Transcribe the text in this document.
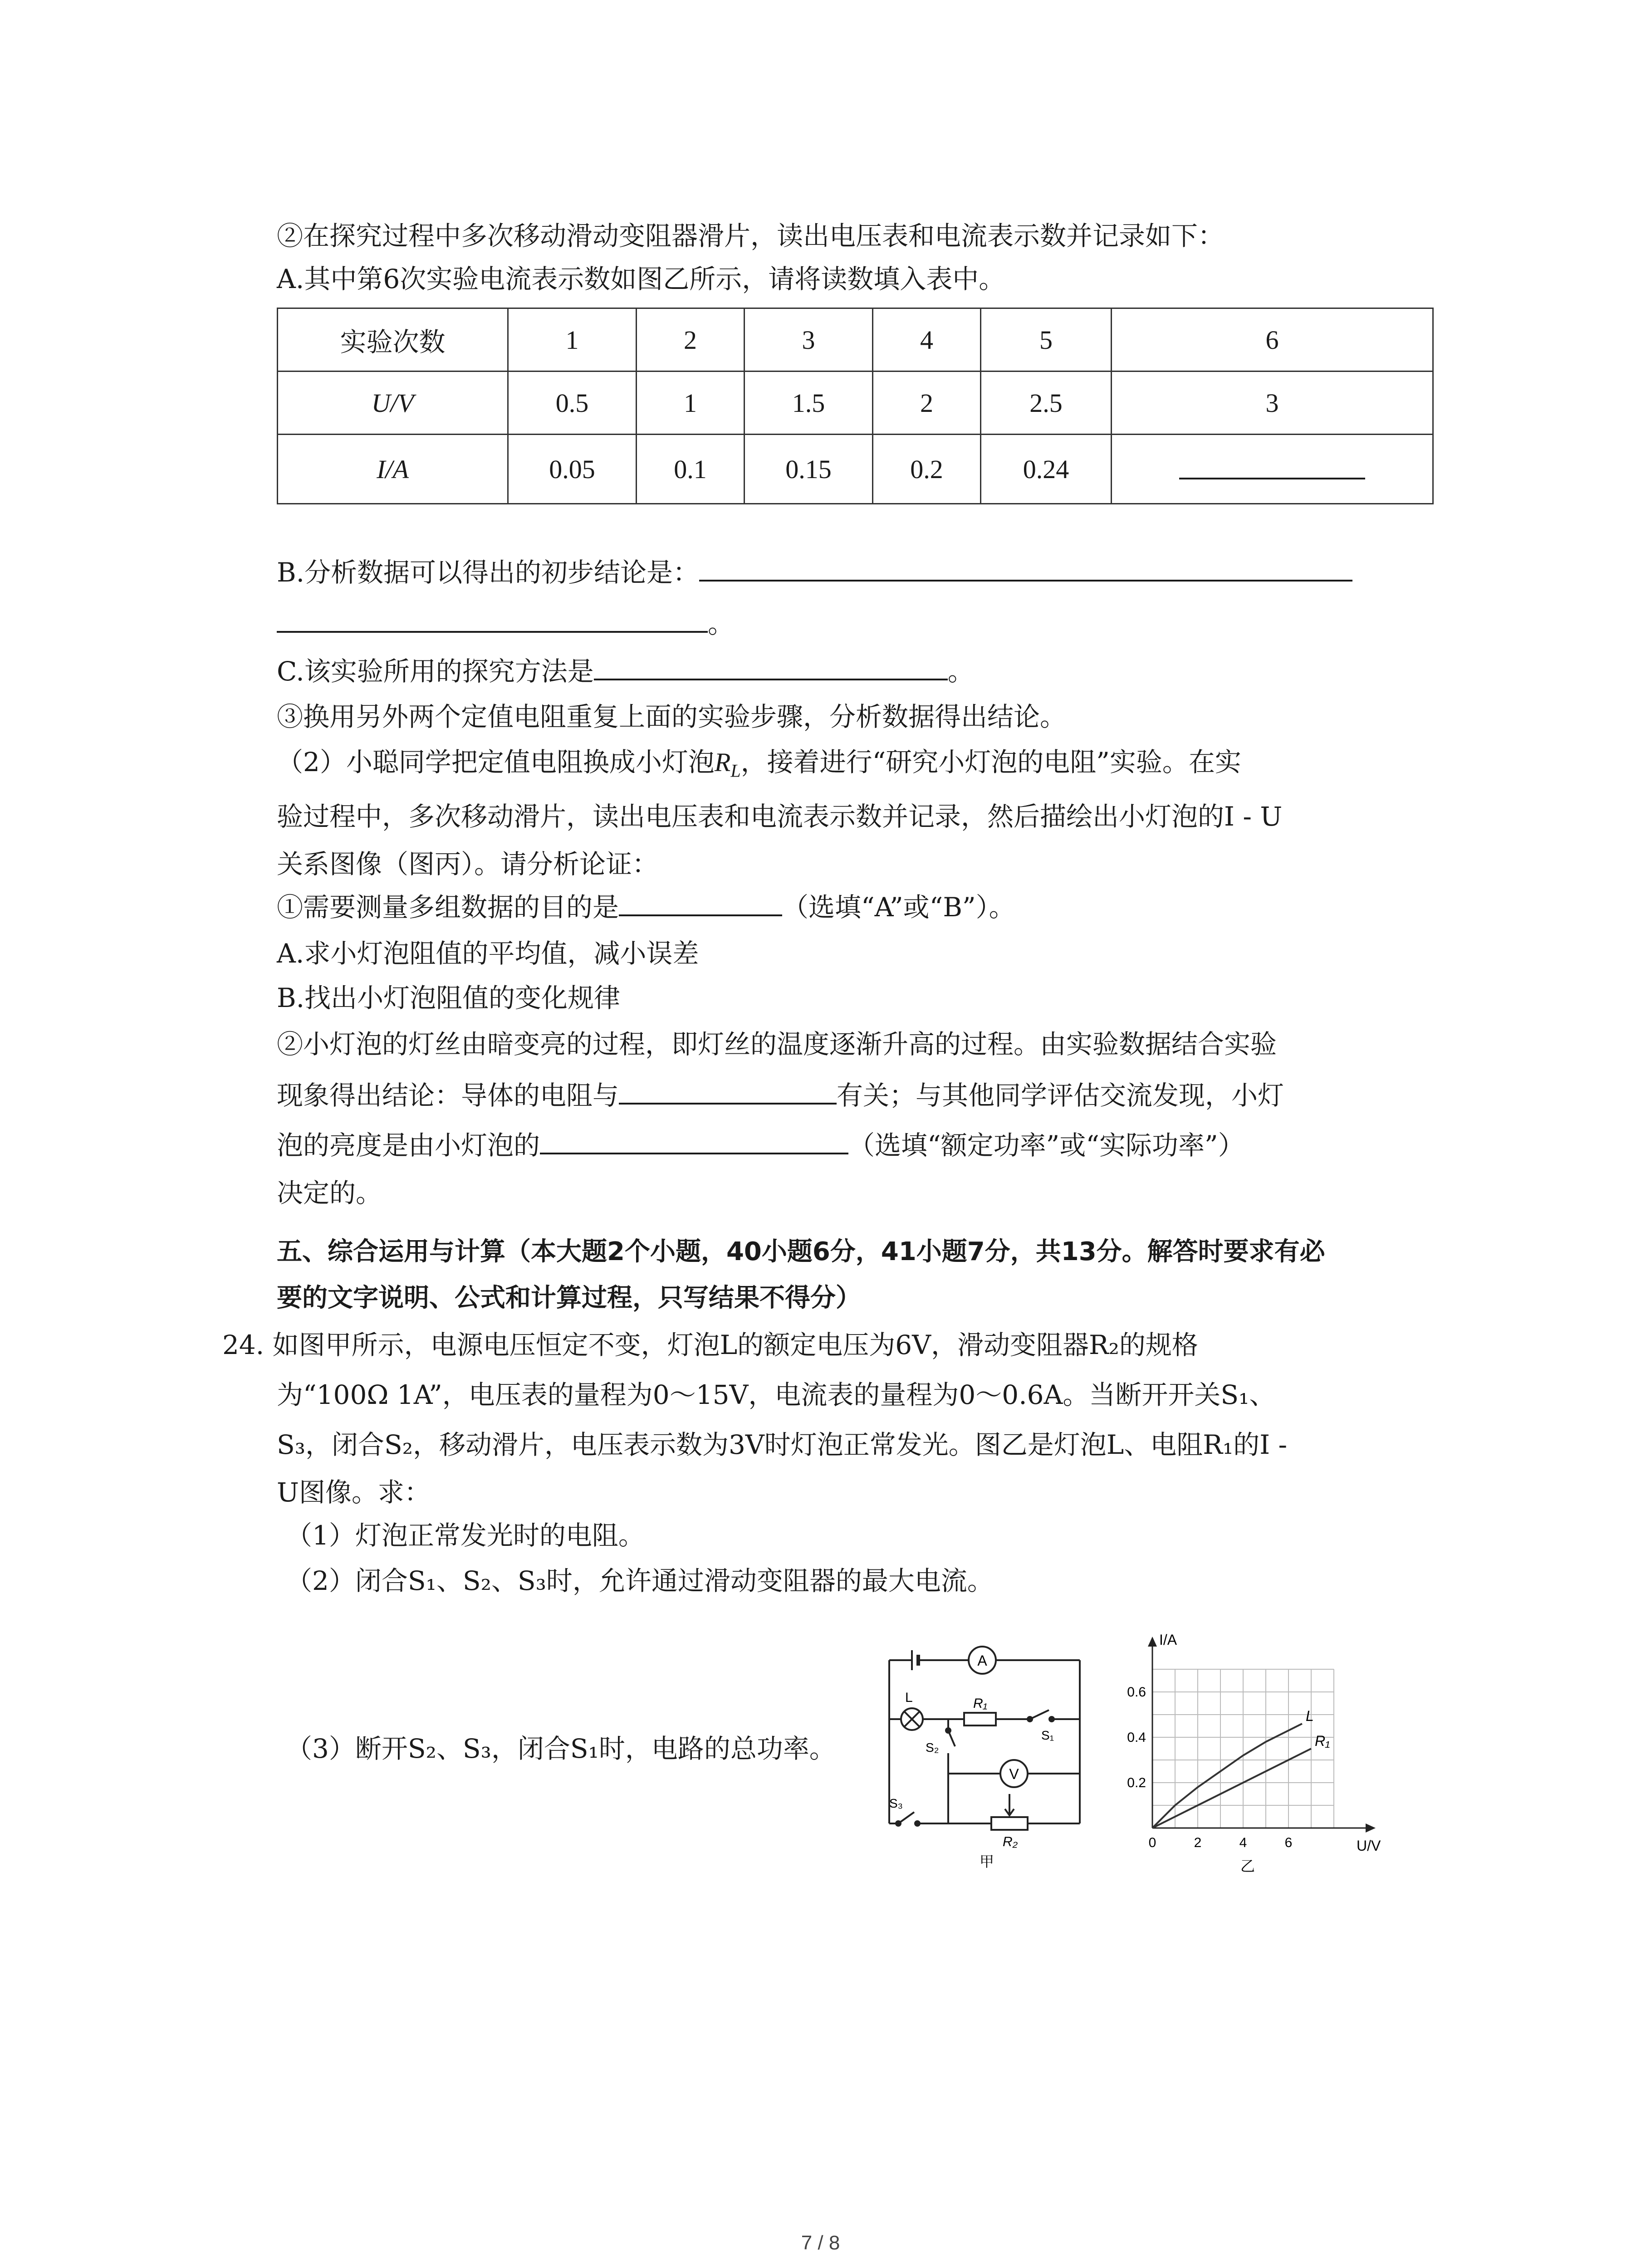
②在探究过程中多次移动滑动变阻器滑片，读出电压表和电流表示数并记录如下：
A.其中第6次实验电流表示数如图乙所示，请将读数填入表中。
实验次数	1	2	3	4	5	6
U/V	0.5	1	1.5	2	2.5	3
I/A	0.05	0.1	0.15	0.2	0.24	
B.分析数据可以得出的初步结论是：
。
C.该实验所用的探究方法是	。
③换用另外两个定值电阻重复上面的实验步骤，分析数据得出结论。
（2）小聪同学把定值电阻换成小灯泡$R_L$，接着进行“研究小灯泡的电阻”实验。在实
验过程中，多次移动滑片，读出电压表和电流表示数并记录，然后描绘出小灯泡的I - U
关系图像（图丙）。请分析论证：
①需要测量多组数据的目的是	（选填“A”或“B”）。
A.求小灯泡阻值的平均值，减小误差
B.找出小灯泡阻值的变化规律
②小灯泡的灯丝由暗变亮的过程，即灯丝的温度逐渐升高的过程。由实验数据结合实验
现象得出结论：导体的电阻与	有关；与其他同学评估交流发现，小灯
泡的亮度是由小灯泡的	（选填“额定功率”或“实际功率”）
决定的。
五、综合运用与计算（本大题2个小题，40小题6分，41小题7分，共13分。解答时要求有必
要的文字说明、公式和计算过程，只写结果不得分）
24. 如图甲所示，电源电压恒定不变，灯泡L的额定电压为6V，滑动变阻器R₂的规格
为“100Ω 1A”，电压表的量程为0～15V，电流表的量程为0～0.6A。当断开开关S₁、
S₃，闭合S₂，移动滑片，电压表示数为3V时灯泡正常发光。图乙是灯泡L、电阻R₁的I -
U图像。求：
（1）灯泡正常发光时的电阻。
（2）闭合S₁、S₂、S₃时，允许通过滑动变阻器的最大电流。
（3）断开S₂、S₃，闭合S₁时，电路的总功率。
A
V
L	R₁
S₁
S₂
S₃
R₂
甲
I/A
U/V
0	2	4	6
0.2
0.4
0.6
L
R₁
乙
7 / 8
